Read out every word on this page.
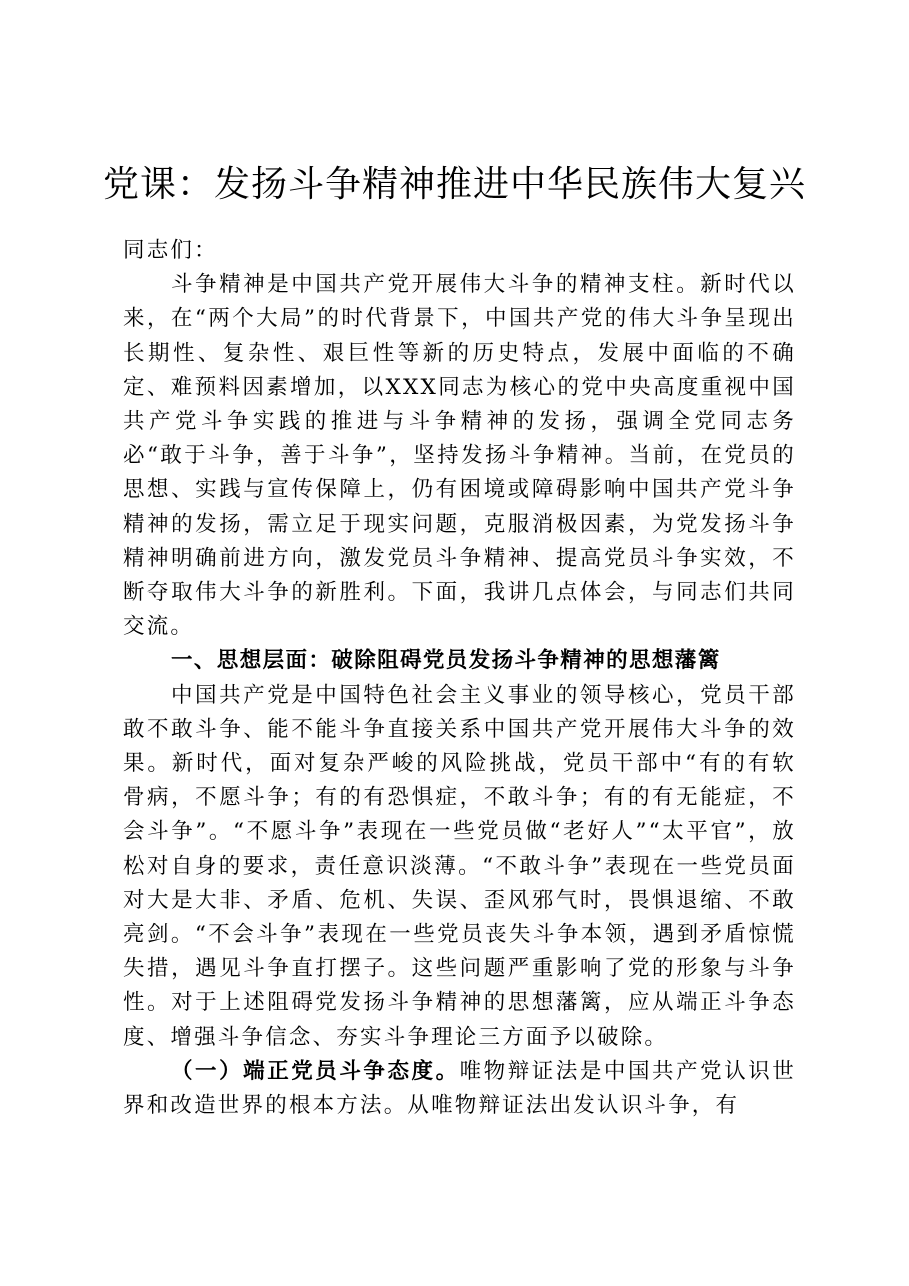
党课：发扬斗争精神推进中华民族伟大复兴

同志们：

斗争精神是中国共产党开展伟大斗争的精神支柱。新时代以来，在“两个大局”的时代背景下，中国共产党的伟大斗争呈现出长期性、复杂性、艰巨性等新的历史特点，发展中面临的不确定、难预料因素增加，以XXX同志为核心的党中央高度重视中国共产党斗争实践的推进与斗争精神的发扬，强调全党同志务必“敢于斗争，善于斗争”，坚持发扬斗争精神。当前，在党员的思想、实践与宣传保障上，仍有困境或障碍影响中国共产党斗争精神的发扬，需立足于现实问题，克服消极因素，为党发扬斗争精神明确前进方向，激发党员斗争精神、提高党员斗争实效，不断夺取伟大斗争的新胜利。下面，我讲几点体会，与同志们共同交流。

一、思想层面：破除阻碍党员发扬斗争精神的思想藩篱

中国共产党是中国特色社会主义事业的领导核心，党员干部敢不敢斗争、能不能斗争直接关系中国共产党开展伟大斗争的效果。新时代，面对复杂严峻的风险挑战，党员干部中“有的有软骨病，不愿斗争；有的有恐惧症，不敢斗争；有的有无能症，不会斗争”。“不愿斗争”表现在一些党员做“老好人”“太平官”，放松对自身的要求，责任意识淡薄。“不敢斗争”表现在一些党员面对大是大非、矛盾、危机、失误、歪风邪气时，畏惧退缩、不敢亮剑。“不会斗争”表现在一些党员丧失斗争本领，遇到矛盾惊慌失措，遇见斗争直打摆子。这些问题严重影响了党的形象与斗争性。对于上述阻碍党发扬斗争精神的思想藩篱，应从端正斗争态度、增强斗争信念、夯实斗争理论三方面予以破除。

（一）端正党员斗争态度。唯物辩证法是中国共产党认识世界和改造世界的根本方法。从唯物辩证法出发认识斗争，有
